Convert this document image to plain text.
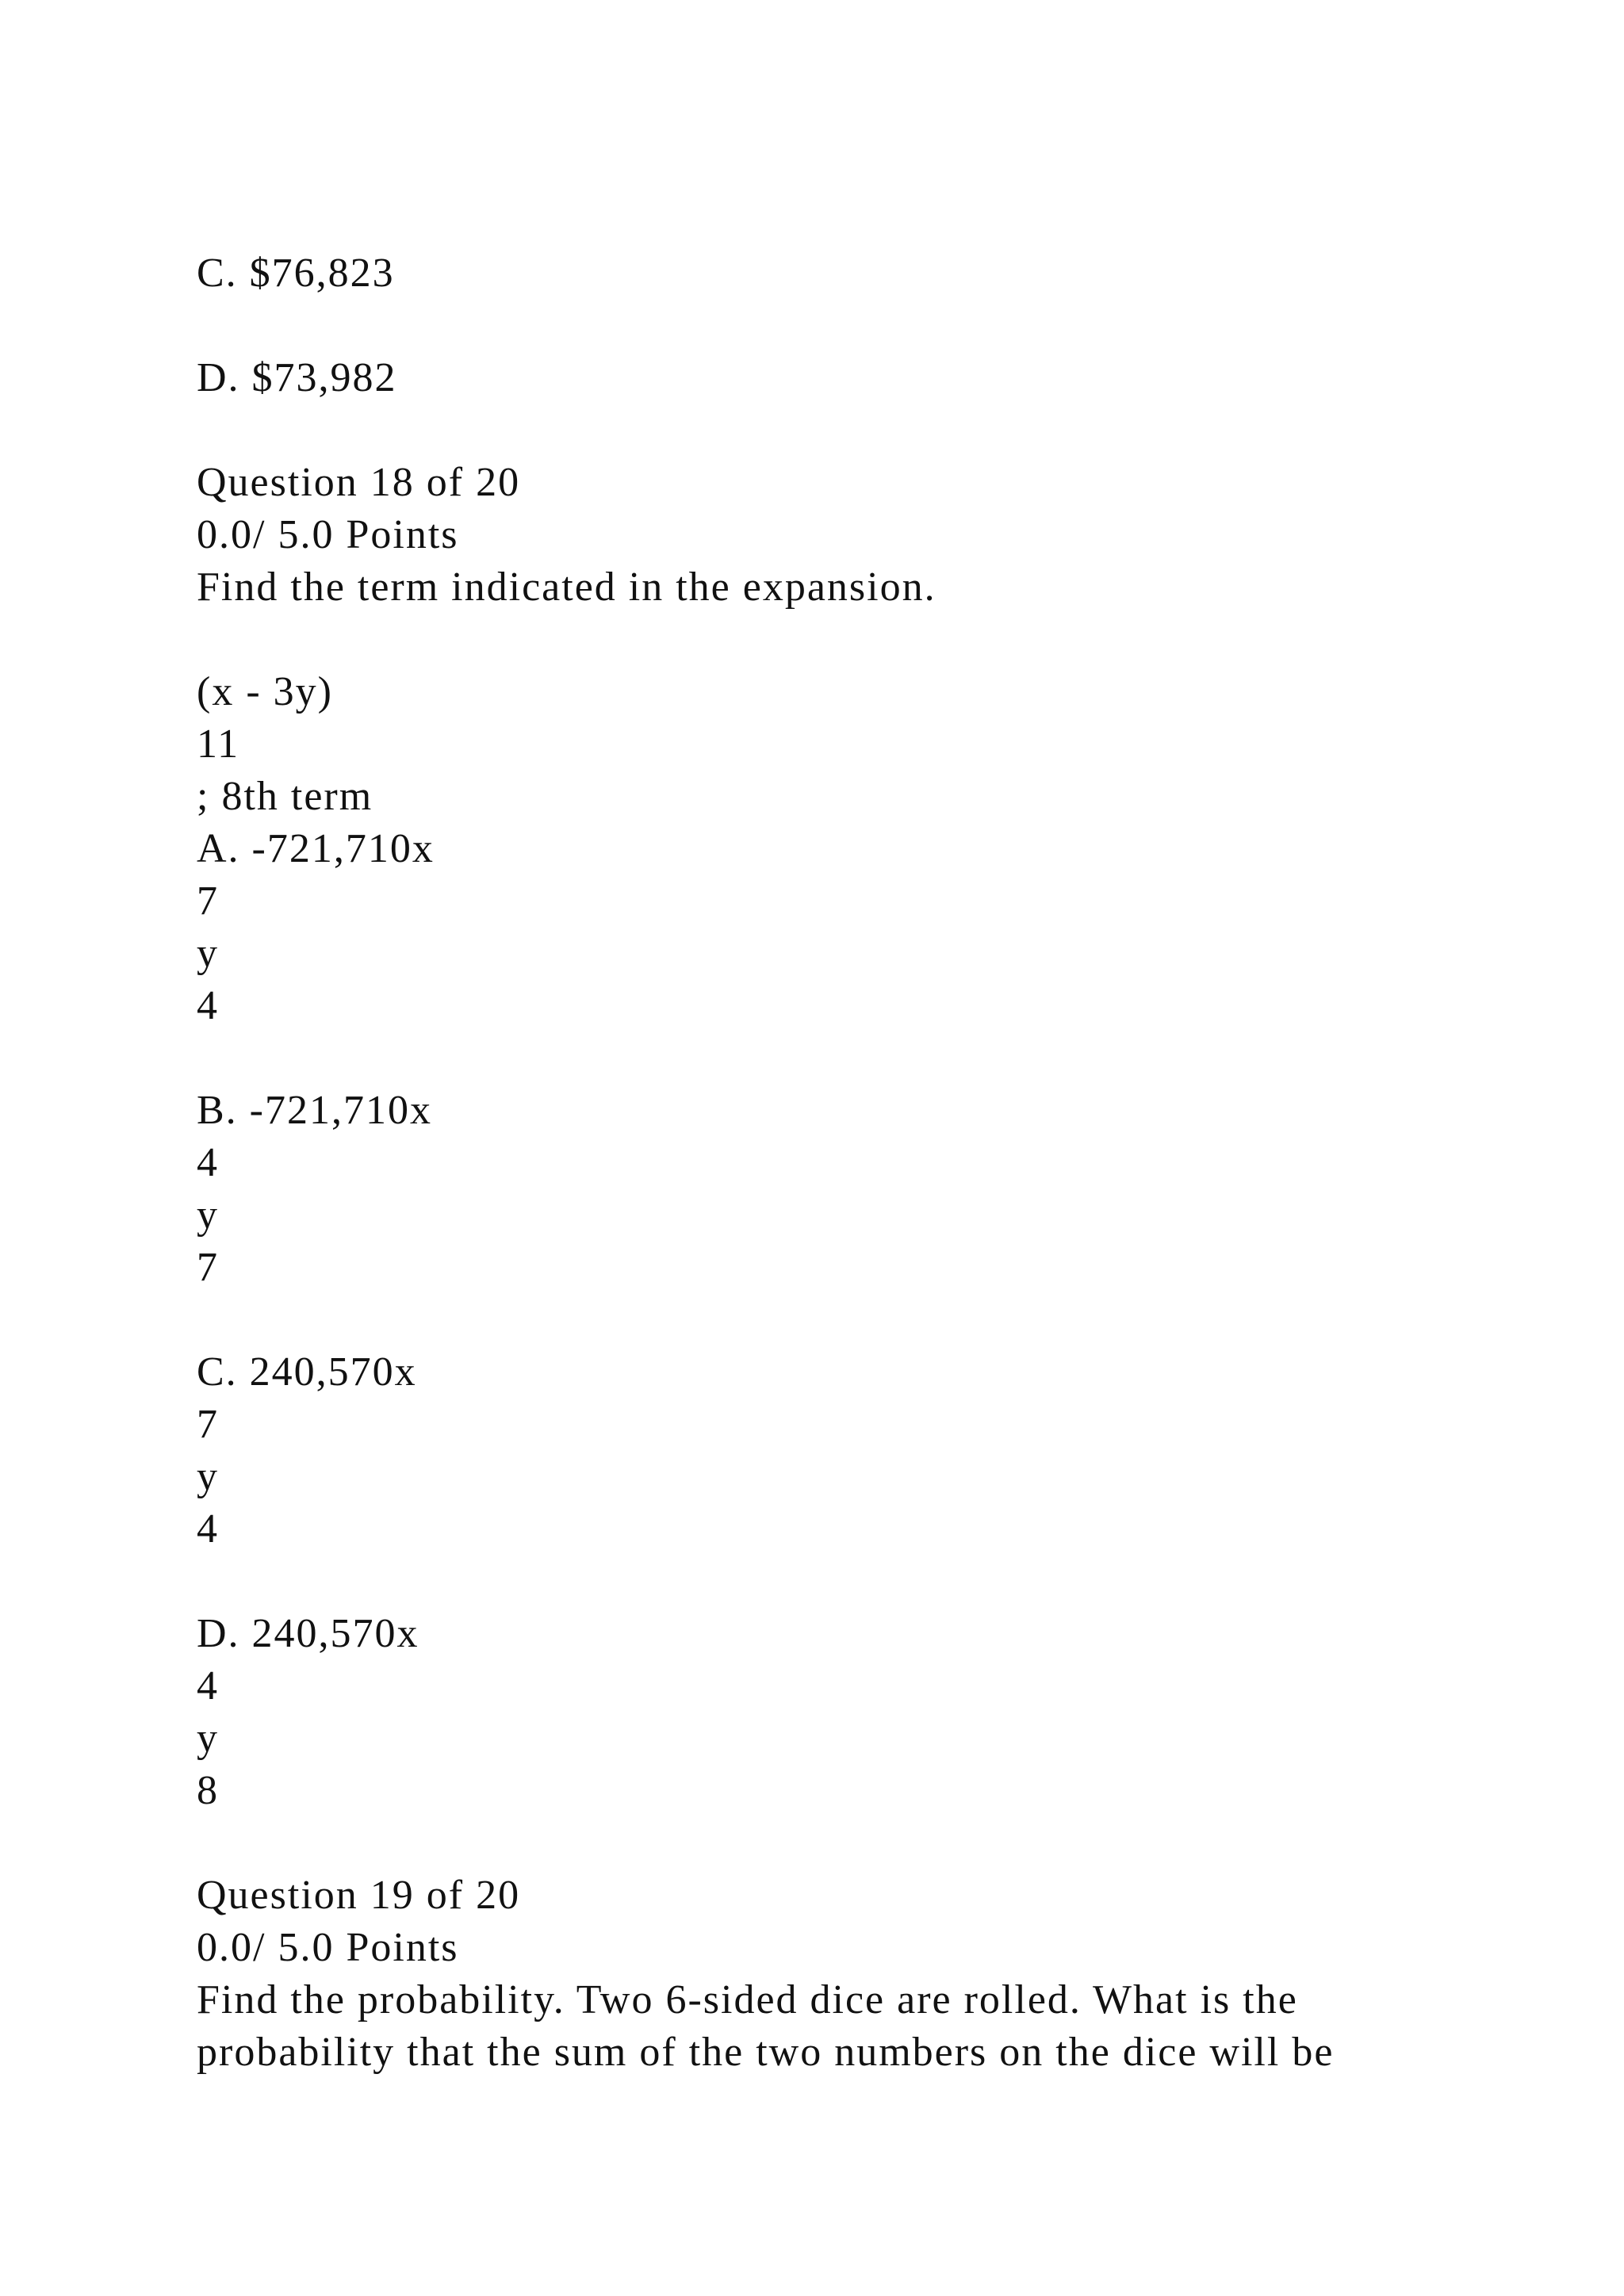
C. $76,823
D. $73,982
Question 18 of 20
0.0/ 5.0 Points
Find the term indicated in the expansion.
(x - 3y)
11
; 8th term
A. -721,710x
7
y
4
B. -721,710x
4
y
7
C. 240,570x
7
y
4
D. 240,570x
4
y
8
Question 19 of 20
0.0/ 5.0 Points
Find the probability. Two 6-sided dice are rolled. What is the
probability that the sum of the two numbers on the dice will be
